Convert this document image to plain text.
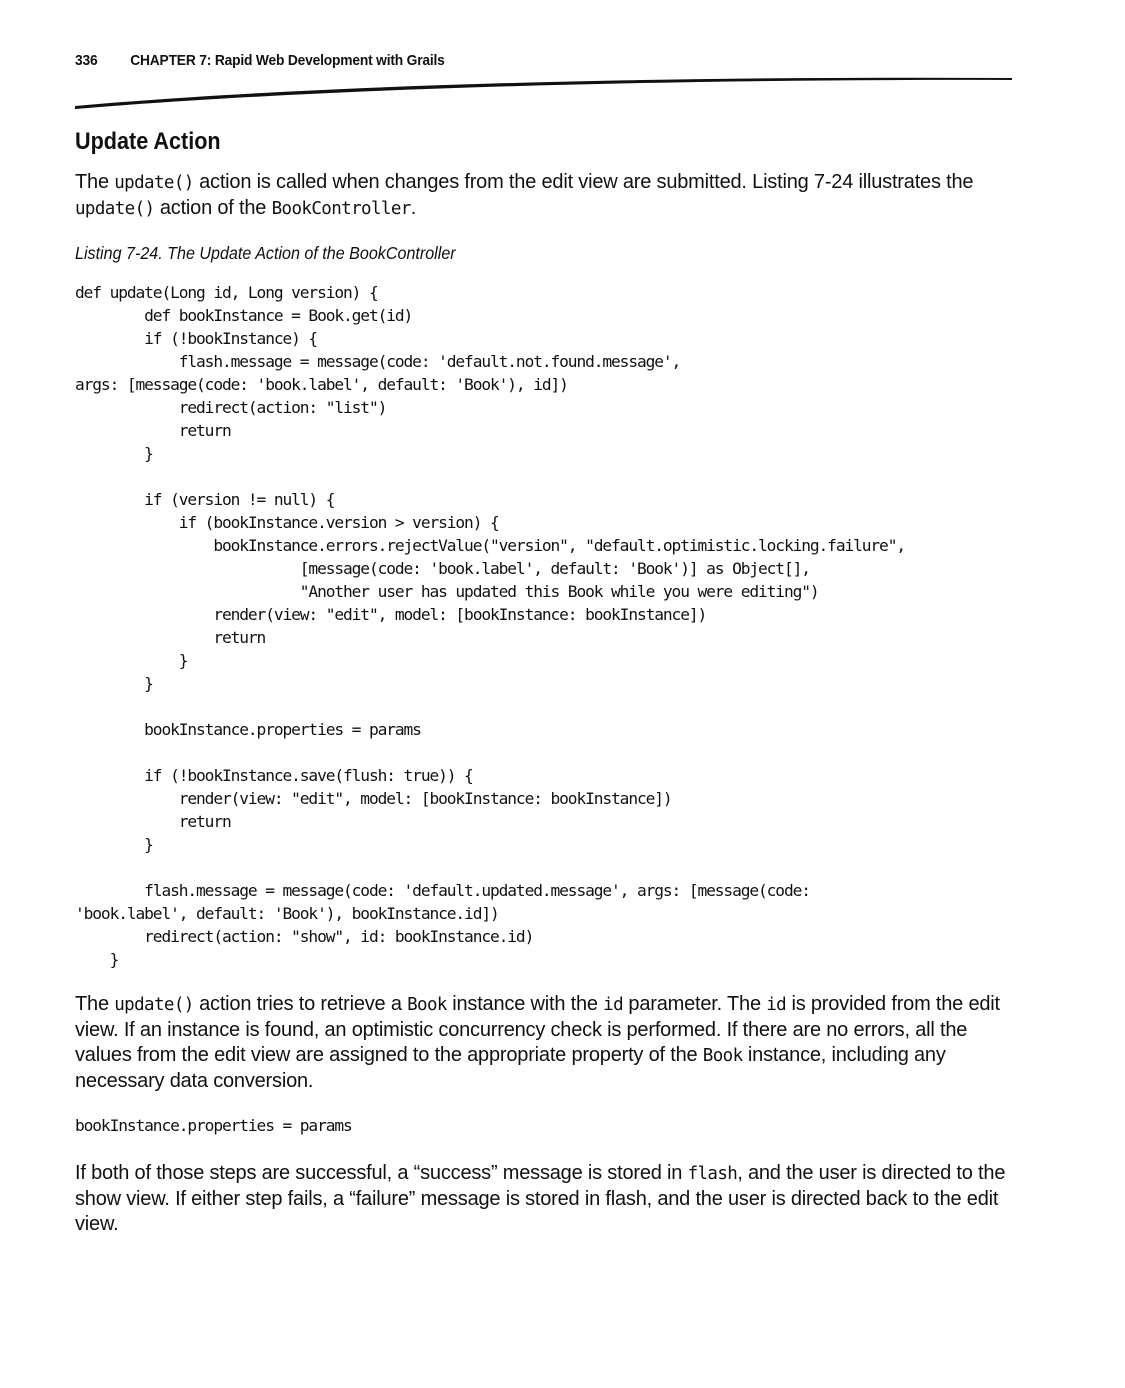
336 CHAPTER 7: Rapid Web Development with Grails
Update Action

The update() action is called when changes from the edit view are submitted. Listing 7-24 illustrates the update() action of the BookController.

Listing 7-24. The Update Action of the BookController

def update(Long id, Long version) {
def bookInstance = Book.get(id)
if (!bookInstance) {
flash.message = message(code: 'default.not.found.message',
args: [message(code: 'book.label', default: 'Book'), id])
redirect(action: "list")
return
}

if (version != null) {
if (bookInstance.version > version) {
bookInstance.errors.rejectValue("version", "default.optimistic.locking.failure",
[message(code: 'book.label', default: 'Book')] as Object[],
"Another user has updated this Book while you were editing")
render(view: "edit", model: [bookInstance: bookInstance])
return
}
}

bookInstance.properties = params

if (!bookInstance.save(flush: true)) {
render(view: "edit", model: [bookInstance: bookInstance])
return
}

flash.message = message(code: 'default.updated.message', args: [message(code:
'book.label', default: 'Book'), bookInstance.id])
redirect(action: "show", id: bookInstance.id)
}

The update() action tries to retrieve a Book instance with the id parameter. The id is provided from the edit view. If an instance is found, an optimistic concurrency check is performed. If there are no errors, all the values from the edit view are assigned to the appropriate property of the Book instance, including any necessary data conversion.

bookInstance.properties = params

If both of those steps are successful, a “success” message is stored in flash, and the user is directed to the show view. If either step fails, a “failure” message is stored in flash, and the user is directed back to the edit view.
